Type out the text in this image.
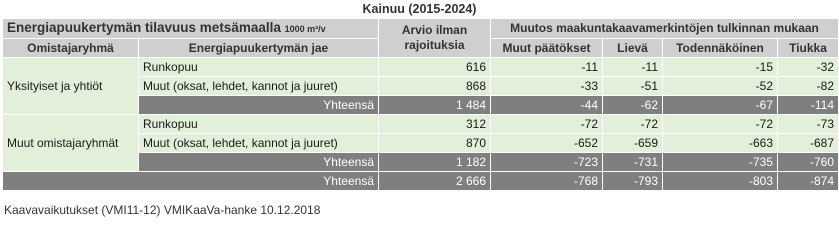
Kainuu (2015-2024)
Energiapuukertymän tilavuus metsämaalla 1000 m³/v		Arvio ilman rajoituksia	Muutos maakuntakaavamerkintöjen tulkinnan mukaan			
Omistajaryhmä	Energiapuukertymän jae		Muut päätökset	Lievä	Todennäköinen	Tiukka
Yksityiset ja yhtiöt	Runkopuu	616	-11	-11	-15	-32
	Muut (oksat, lehdet, kannot ja juuret)	868	-33	-51	-52	-82
	Yhteensä	1 484	-44	-62	-67	-114
Muut omistajaryhmät	Runkopuu	312	-72	-72	-72	-73
	Muut (oksat, lehdet, kannot ja juuret)	870	-652	-659	-663	-687
	Yhteensä	1 182	-723	-731	-735	-760
Yhteensä		2 666	-768	-793	-803	-874
Kaavavaikutukset (VMI11-12) VMIKaaVa-hanke 10.12.2018
